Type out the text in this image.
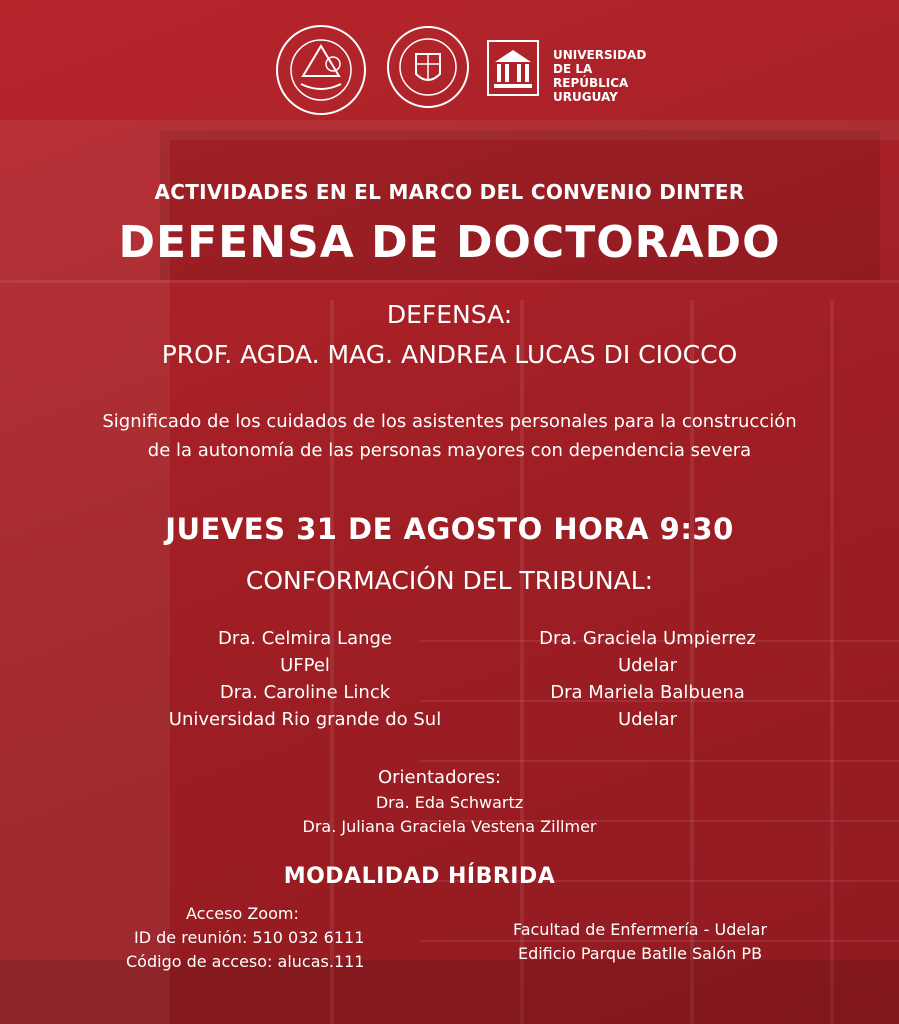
UNIVERSIDAD
DE LA REPÚBLICA
URUGUAY
ACTIVIDADES EN EL MARCO DEL CONVENIO DINTER
DEFENSA DE DOCTORADO
DEFENSA:
PROF. AGDA. MAG. ANDREA LUCAS DI CIOCCO
Significado de los cuidados de los asistentes personales para la construcción de la autonomía de las personas mayores con dependencia severa
JUEVES 31 DE AGOSTO HORA 9:30
CONFORMACIÓN DEL TRIBUNAL:
Dra. Celmira Lange
UFPel
Dra. Caroline Linck
Universidad Rio grande do Sul
Dra. Graciela Umpierrez
Udelar
Dra Mariela Balbuena
Udelar
Orientadores:
Dra. Eda Schwartz
Dra. Juliana Graciela Vestena Zillmer
MODALIDAD HÍBRIDA
Acceso Zoom:
ID de reunión: 510 032 6111
Código de acceso: alucas.111
Facultad de Enfermería - Udelar
Edificio Parque Batlle Salón PB
